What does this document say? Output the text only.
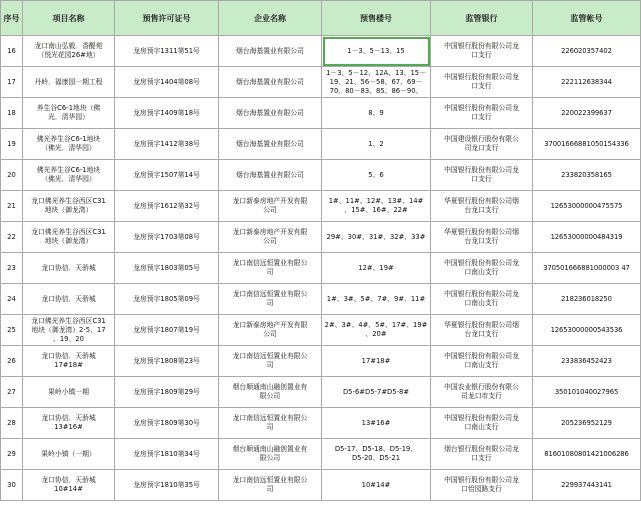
序号	项目名称	预售许可证号	企业名称	预售楼号	监管银行	监管帐号
16	龙口南山弘毅．香醍苑
（悦光花园26#地）	龙房预字1311第51号	烟台海基置业有限公司	1－3、5－13、15	中国银行股份有限公司龙
口支行	226020357402
17	丹岭．福康园一期工程	龙房预字1404第08号	烟台海基置业有限公司	1－3、5－12、12A、13、15－
19、21、56－58、67、69－
70、80－83、85、86－90、	中国银行股份有限公司龙
口支行	222112638344
18	养生谷C6-1地块（佛
光．清华园）	龙房预字1409第18号	烟台海基置业有限公司	8、9	中国银行股份有限公司龙
口支行	220022399637
19	佛光养生谷C6-1地块
（佛光．清华园）	龙房预字1412第38号	烟台海基置业有限公司	1、2	中国建设银行股份有限公
司龙口支行	37001666881050154336
20	佛光养生谷C6-1地块
（佛光．清华园）	龙房预字1507第14号	烟台海基置业有限公司	5、6	中国银行股份有限公司龙
口支行	233820358165
21	龙口佛光养生谷西区C31
地块（御龙湾）	龙房预字1612第32号	龙口新泰房地产开发有限
公司	1#、11#、12#、13#、14#
、15#、16#、22#	华夏银行股份有限公司烟
台龙口支行	12653000000475575
22	龙口佛光养生谷西区C31
地块（御龙湾）	龙房预字1703第08号	龙口新泰房地产开发有限
公司	29#、30#、31#、32#、33#	华夏银行股份有限公司烟
台龙口支行	12653000000484319
23	龙口协信．天骄城	龙房预字1803第05号	龙口南信远恒置业有限公
司	12#、19#	中国银行股份有限公司龙
口南山支行	370501666881000003 47
24	龙口协信．天骄城	龙房预字1805第09号	龙口南信远恒置业有限公
司	1#、3#、5#、7#、9#、11#	中国银行股份有限公司龙
口南山支行	218236018250
25	龙口佛光养生谷西区C31
地块（御龙湾）2-5、17
、19、20	龙房预字1807第19号	龙口新泰房地产开发有限
公司	2#、3#、4#、5#、17#、19#
、20#	华夏银行股份有限公司烟
台龙口支行	12653000000543536
26	龙口协信．天骄城
17#18#	龙房预字1808第23号	龙口南信远恒置业有限公
司	17#18#	中国银行股份有限公司龙
口南山支行	233836452423
27	果岭小镇一期	龙房预字1809第29号	烟台顺通南山融创置业有
限公司	D5-6#D5-7#D5-8#	中国农业银行股份有限公
司龙口市支行	350101040027965
28	龙口协信．天骄城
13#16#	龙房预字1809第30号	龙口南信远恒置业有限公
司	13#16#	中国银行股份有限公司龙
口南山支行	205236952129
29	果岭小镇（一期）	龙房预字1810第34号	烟台顺通南山融创置业有
限公司	D5-17、D5-18、D5-19、
D5-20、D5-21	烟台银行股份有限公司龙
口支行	81601080801421006286
30	龙口协信．天骄城
10#14#	龙房预字1810第35号	龙口南信远恒置业有限公
司	10#14#	中国银行股份有限公司龙
口怡园路支行	229937443141
